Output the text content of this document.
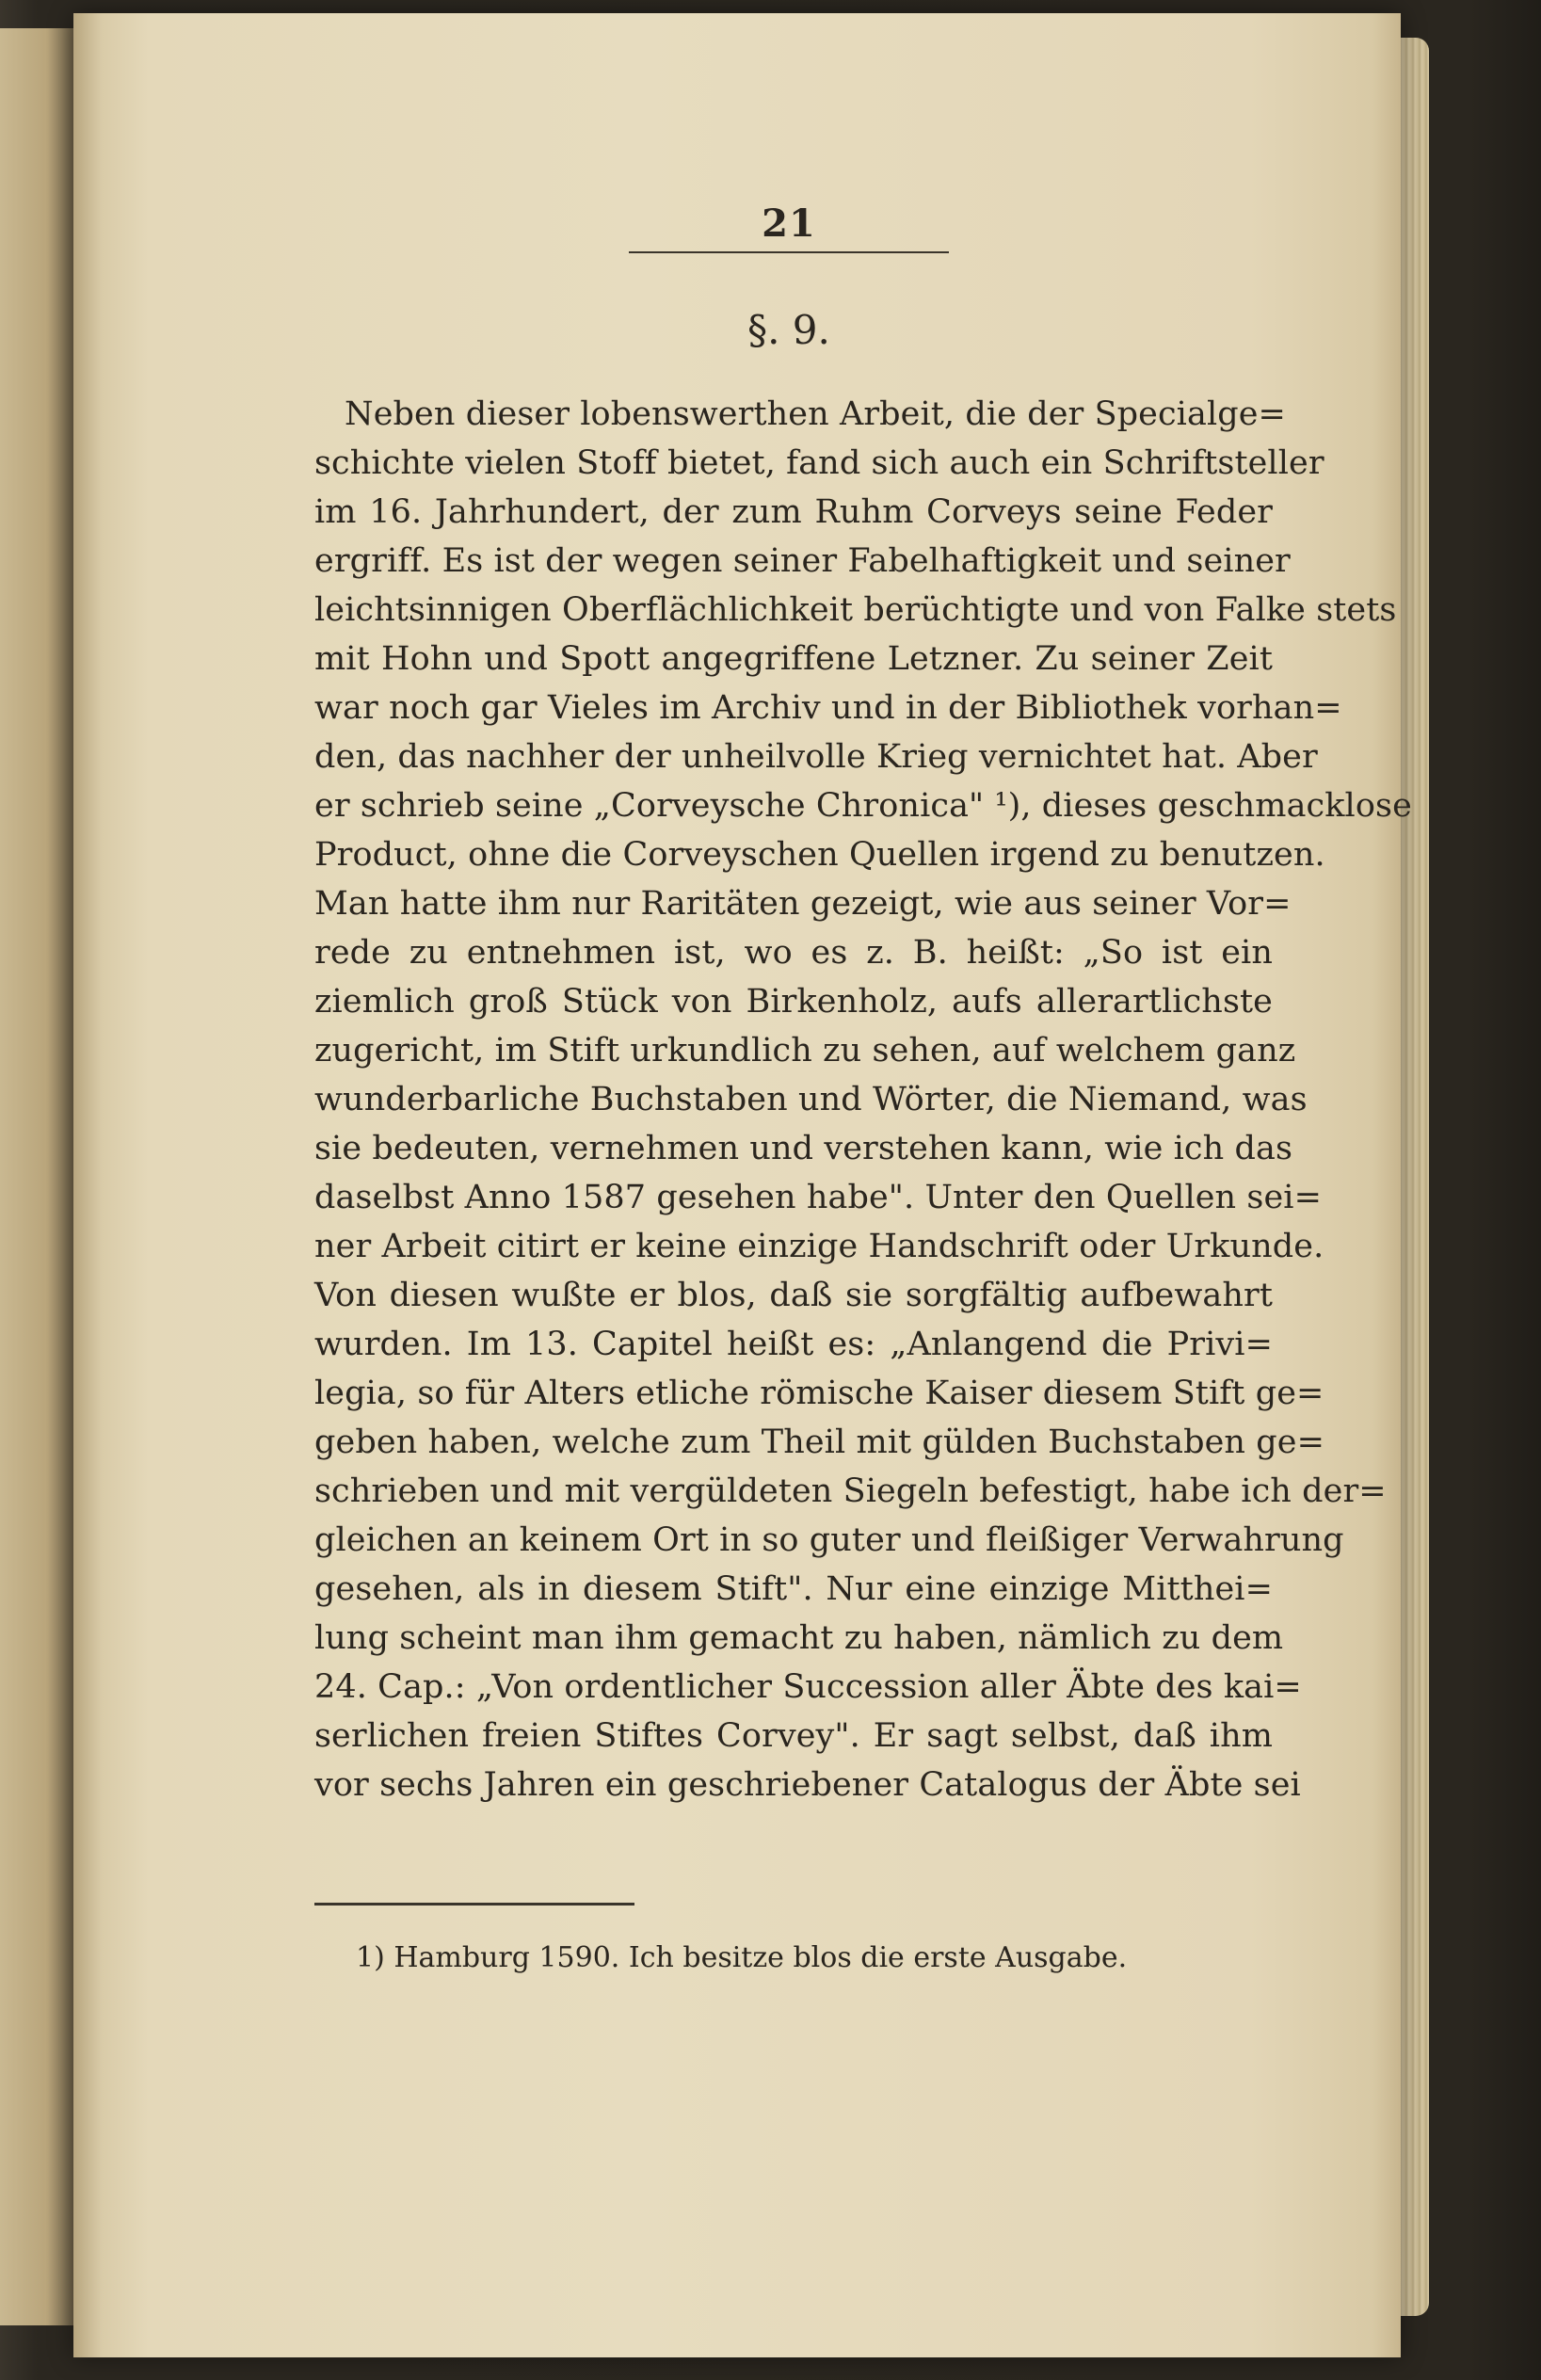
21
§. 9.
Neben dieser lobenswerthen Arbeit, die der Specialge=
schichte vielen Stoff bietet, fand sich auch ein Schriftsteller
im 16. Jahrhundert, der zum Ruhm Corveys seine Feder
ergriff. Es ist der wegen seiner Fabelhaftigkeit und seiner
leichtsinnigen Oberflächlichkeit berüchtigte und von Falke stets
mit Hohn und Spott angegriffene Letzner. Zu seiner Zeit
war noch gar Vieles im Archiv und in der Bibliothek vorhan=
den, das nachher der unheilvolle Krieg vernichtet hat. Aber
er schrieb seine „Corveysche Chronica" ¹), dieses geschmacklose
Product, ohne die Corveyschen Quellen irgend zu benutzen.
Man hatte ihm nur Raritäten gezeigt, wie aus seiner Vor=
rede zu entnehmen ist, wo es z. B. heißt: „So ist ein
ziemlich groß Stück von Birkenholz, aufs allerartlichste
zugericht, im Stift urkundlich zu sehen, auf welchem ganz
wunderbarliche Buchstaben und Wörter, die Niemand, was
sie bedeuten, vernehmen und verstehen kann, wie ich das
daselbst Anno 1587 gesehen habe". Unter den Quellen sei=
ner Arbeit citirt er keine einzige Handschrift oder Urkunde.
Von diesen wußte er blos, daß sie sorgfältig aufbewahrt
wurden. Im 13. Capitel heißt es: „Anlangend die Privi=
legia, so für Alters etliche römische Kaiser diesem Stift ge=
geben haben, welche zum Theil mit gülden Buchstaben ge=
schrieben und mit vergüldeten Siegeln befestigt, habe ich der=
gleichen an keinem Ort in so guter und fleißiger Verwahrung
gesehen, als in diesem Stift". Nur eine einzige Mitthei=
lung scheint man ihm gemacht zu haben, nämlich zu dem
24. Cap.: „Von ordentlicher Succession aller Äbte des kai=
serlichen freien Stiftes Corvey". Er sagt selbst, daß ihm
vor sechs Jahren ein geschriebener Catalogus der Äbte sei
1) Hamburg 1590. Ich besitze blos die erste Ausgabe.
